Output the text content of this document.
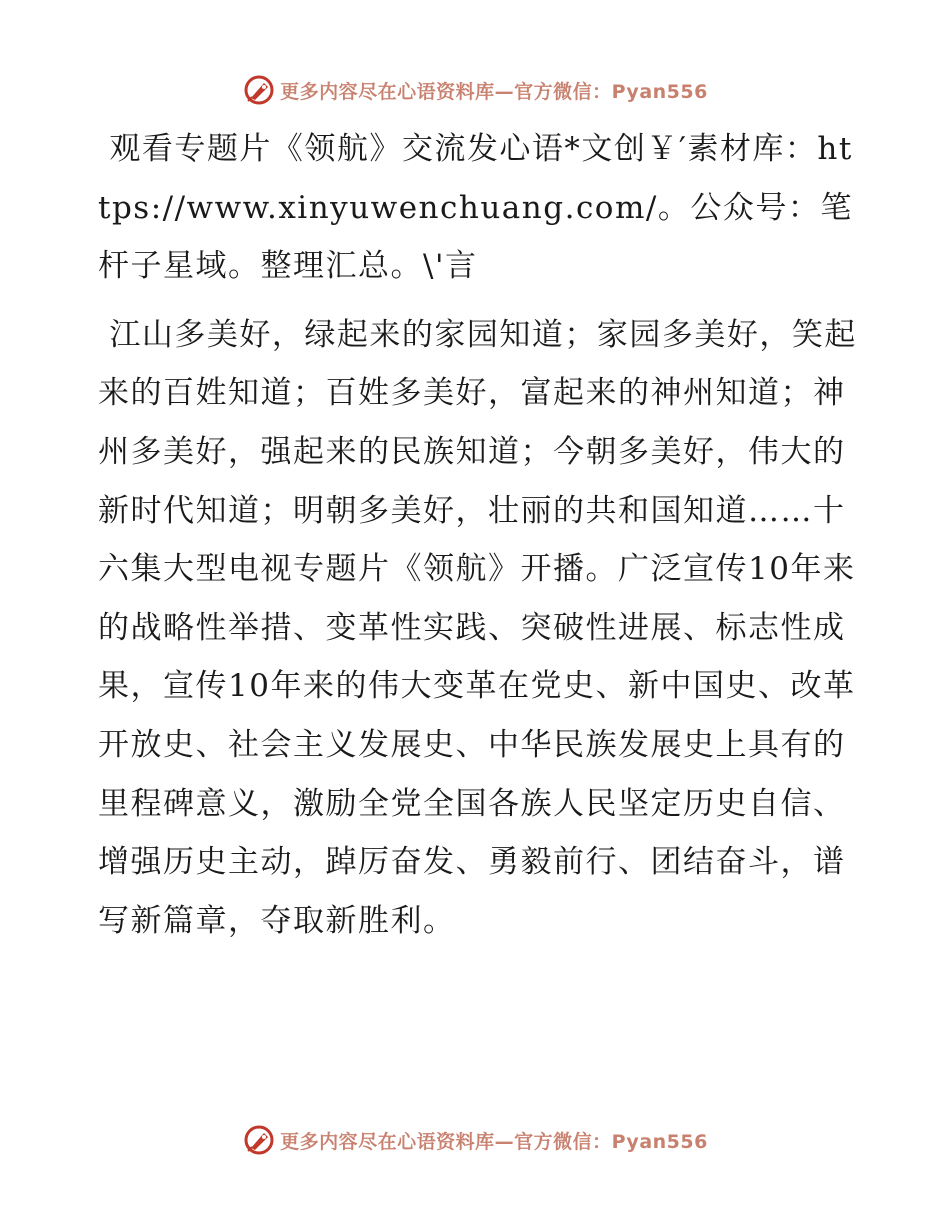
更多内容尽在心语资料库—官方微信：Pyan556

观看专题片《领航》交流发心语*文创￥′素材库：https://www.xinyuwenchuang.com/。公众号：笔杆子星域。整理汇总。\'言

江山多美好，绿起来的家园知道；家园多美好，笑起来的百姓知道；百姓多美好，富起来的神州知道；神州多美好，强起来的民族知道；今朝多美好，伟大的新时代知道；明朝多美好，壮丽的共和国知道……十六集大型电视专题片《领航》开播。广泛宣传10年来的战略性举措、变革性实践、突破性进展、标志性成果，宣传10年来的伟大变革在党史、新中国史、改革开放史、社会主义发展史、中华民族发展史上具有的里程碑意义，激励全党全国各族人民坚定历史自信、增强历史主动，踔厉奋发、勇毅前行、团结奋斗，谱写新篇章，夺取新胜利。

更多内容尽在心语资料库—官方微信：Pyan556
